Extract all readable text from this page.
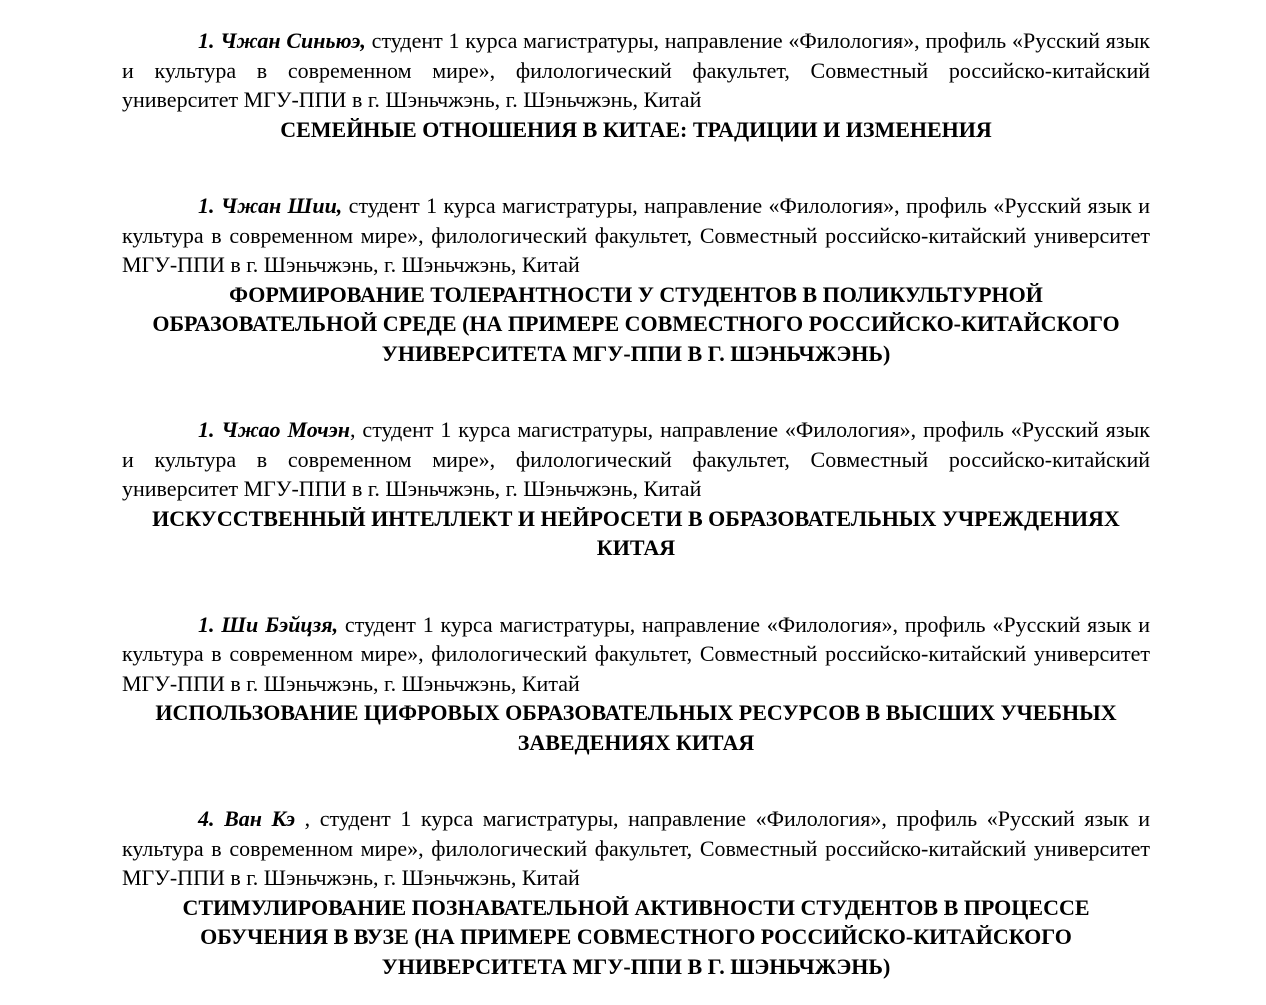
1. Чжан Синьюэ, студент 1 курса магистратуры, направление «Филология», профиль «Русский язык и культура в современном мире», филологический факультет, Совместный российско-китайский университет МГУ-ППИ в г. Шэньчжэнь, г. Шэньчжэнь, Китай

СЕМЕЙНЫЕ ОТНОШЕНИЯ В КИТАЕ: ТРАДИЦИИ И ИЗМЕНЕНИЯ

1. Чжан Шии, студент 1 курса магистратуры, направление «Филология», профиль «Русский язык и культура в современном мире», филологический факультет, Совместный российско-китайский университет МГУ-ППИ в г. Шэньчжэнь, г. Шэньчжэнь, Китай

ФОРМИРОВАНИЕ ТОЛЕРАНТНОСТИ У СТУДЕНТОВ В ПОЛИКУЛЬТУРНОЙ ОБРАЗОВАТЕЛЬНОЙ СРЕДЕ (НА ПРИМЕРЕ СОВМЕСТНОГО РОССИЙСКО-КИТАЙСКОГО УНИВЕРСИТЕТА МГУ-ППИ В Г. ШЭНЬЧЖЭНЬ)

1. Чжао Мочэн, студент 1 курса магистратуры, направление «Филология», профиль «Русский язык и культура в современном мире», филологический факультет, Совместный российско-китайский университет МГУ-ППИ в г. Шэньчжэнь, г. Шэньчжэнь, Китай

ИСКУССТВЕННЫЙ ИНТЕЛЛЕКТ И НЕЙРОСЕТИ В ОБРАЗОВАТЕЛЬНЫХ УЧРЕЖДЕНИЯХ КИТАЯ

1. Ши Бэйцзя, студент 1 курса магистратуры, направление «Филология», профиль «Русский язык и культура в современном мире», филологический факультет, Совместный российско-китайский университет МГУ-ППИ в г. Шэньчжэнь, г. Шэньчжэнь, Китай

ИСПОЛЬЗОВАНИЕ ЦИФРОВЫХ ОБРАЗОВАТЕЛЬНЫХ РЕСУРСОВ В ВЫСШИХ УЧЕБНЫХ ЗАВЕДЕНИЯХ КИТАЯ

4. Ван Кэ , студент 1 курса магистратуры, направление «Филология», профиль «Русский язык и культура в современном мире», филологический факультет, Совместный российско-китайский университет МГУ-ППИ в г. Шэньчжэнь, г. Шэньчжэнь, Китай

СТИМУЛИРОВАНИЕ ПОЗНАВАТЕЛЬНОЙ АКТИВНОСТИ СТУДЕНТОВ В ПРОЦЕССЕ ОБУЧЕНИЯ В ВУЗЕ (НА ПРИМЕРЕ СОВМЕСТНОГО РОССИЙСКО-КИТАЙСКОГО УНИВЕРСИТЕТА МГУ-ППИ В Г. ШЭНЬЧЖЭНЬ)
